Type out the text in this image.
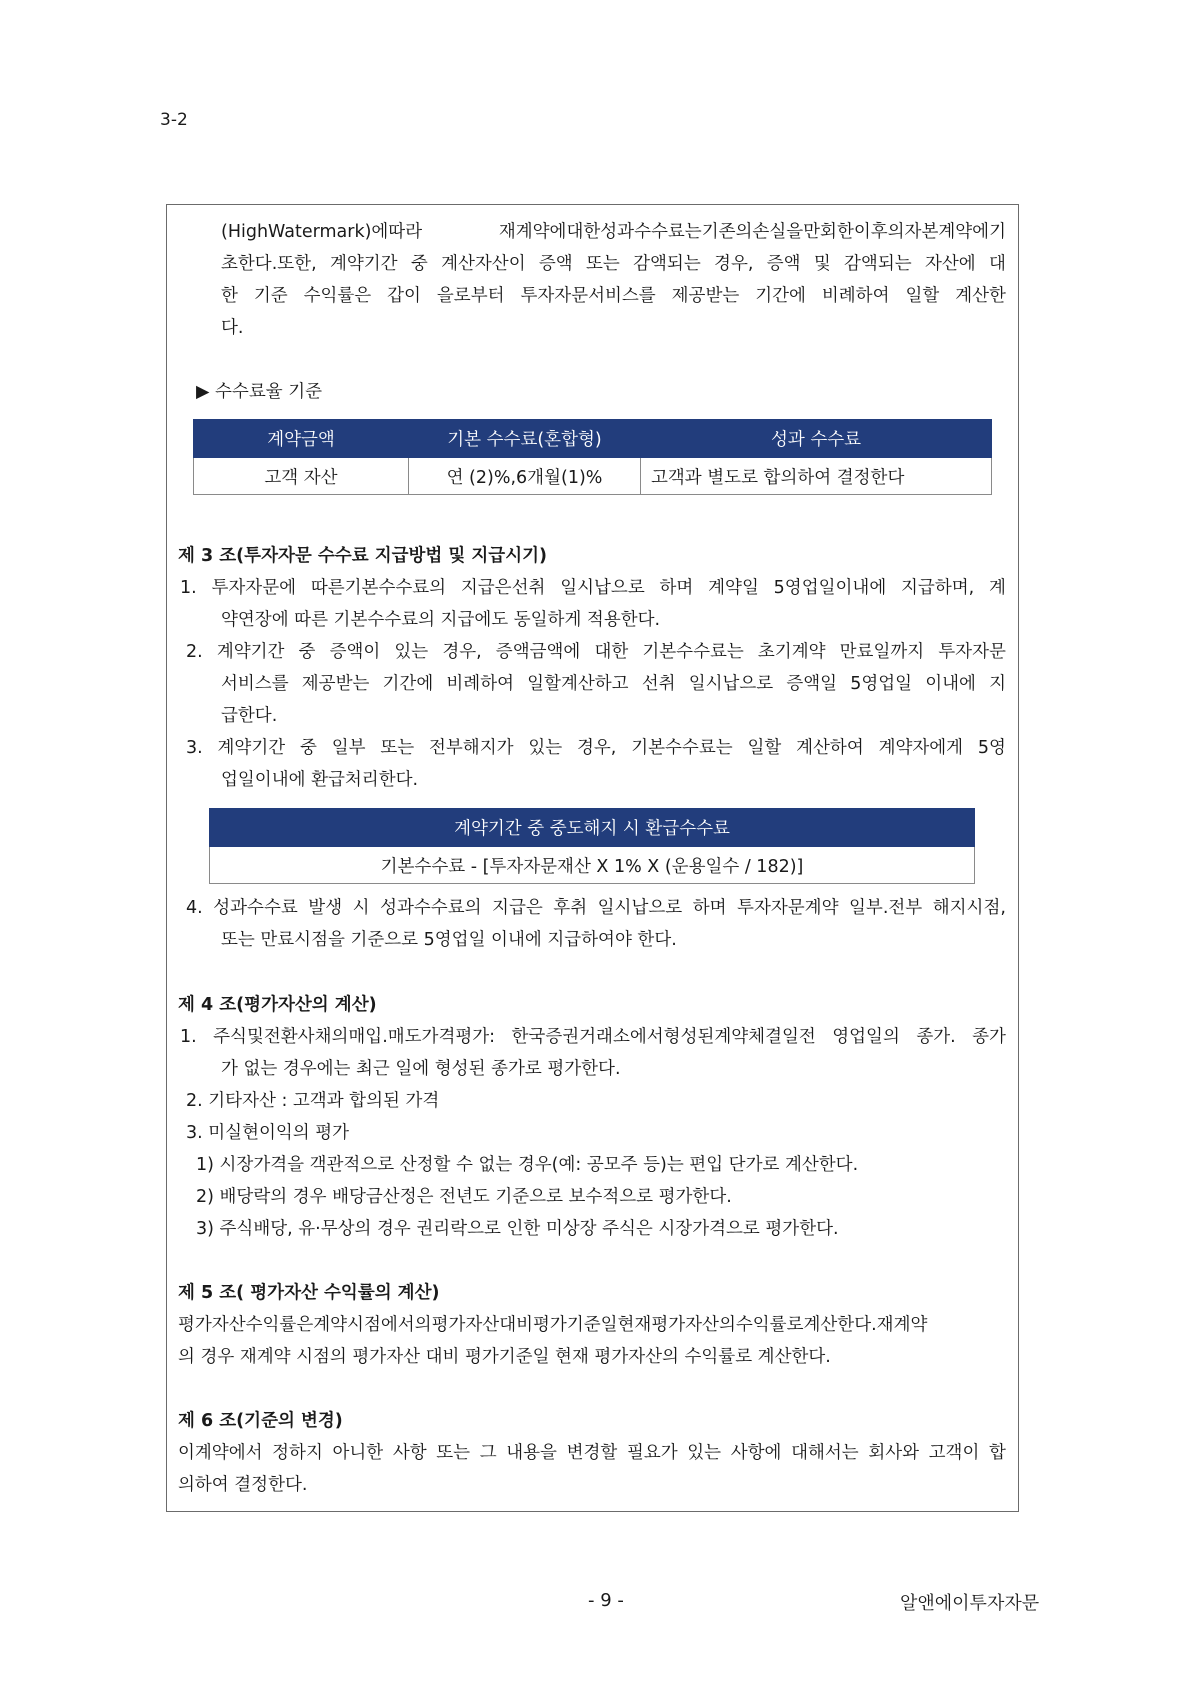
3-2
(HighWatermark)에따라	재계약에대한성과수수료는기존의손실을만회한이후의자본계약에기
초한다.또한, 계약기간 중 계산자산이 증액 또는 감액되는 경우, 증액 및 감액되는 자산에 대
한 기준 수익률은 갑이 을로부터 투자자문서비스를 제공받는 기간에 비례하여 일할 계산한
다.
▶ 수수료율 기준
계약금액	기본 수수료(혼합형)	성과 수수료
고객 자산	연 (2)%,6개월(1)%	고객과 별도로 합의하여 결정한다
제 3 조(투자자문 수수료 지급방법 및 지급시기)
1. 투자자문에 따른기본수수료의 지급은선취 일시납으로 하며 계약일 5영업일이내에 지급하며, 계
약연장에 따른 기본수수료의 지급에도 동일하게 적용한다.
2. 계약기간 중 증액이 있는 경우, 증액금액에 대한 기본수수료는 초기계약 만료일까지 투자자문
서비스를 제공받는 기간에 비례하여 일할계산하고 선취 일시납으로 증액일 5영업일 이내에 지
급한다.
3. 계약기간 중 일부 또는 전부해지가 있는 경우, 기본수수료는 일할 계산하여 계약자에게 5영
업일이내에 환급처리한다.
계약기간 중 중도해지 시 환급수수료
기본수수료 - [투자자문재산 X 1% X (운용일수 / 182)]
4. 성과수수료 발생 시 성과수수료의 지급은 후취 일시납으로 하며 투자자문계약 일부.전부 해지시점,
또는 만료시점을 기준으로 5영업일 이내에 지급하여야 한다.
제 4 조(평가자산의 계산)
1. 주식및전환사채의매입.매도가격평가: 한국증권거래소에서형성된계약체결일전 영업일의 종가. 종가
가 없는 경우에는 최근 일에 형성된 종가로 평가한다.
2. 기타자산 : 고객과 합의된 가격
3. 미실현이익의 평가
1) 시장가격을 객관적으로 산정할 수 없는 경우(예: 공모주 등)는 편입 단가로 계산한다.
2) 배당락의 경우 배당금산정은 전년도 기준으로 보수적으로 평가한다.
3) 주식배당, 유·무상의 경우 권리락으로 인한 미상장 주식은 시장가격으로 평가한다.
제 5 조( 평가자산 수익률의 계산)
평가자산수익률은계약시점에서의평가자산대비평가기준일현재평가자산의수익률로계산한다.재계약
의 경우 재계약 시점의 평가자산 대비 평가기준일 현재 평가자산의 수익률로 계산한다.
제 6 조(기준의 변경)
이계약에서 정하지 아니한 사항 또는 그 내용을 변경할 필요가 있는 사항에 대해서는 회사와 고객이 합
의하여 결정한다.
- 9 -	알앤에이투자자문
